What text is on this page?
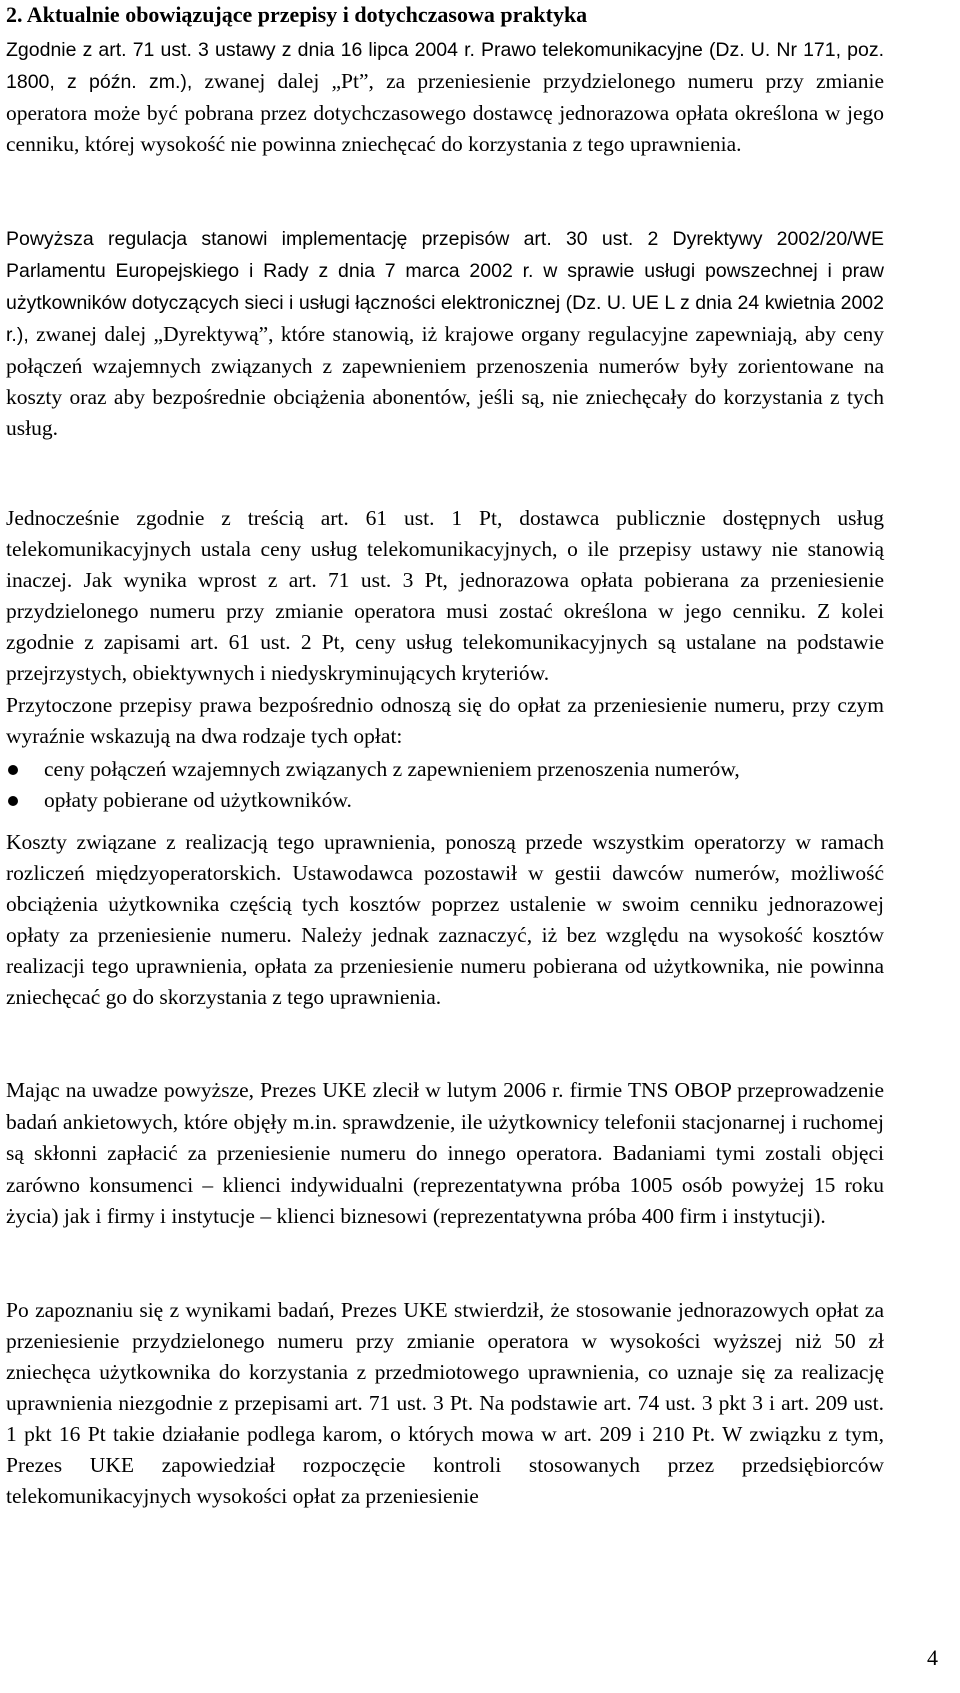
2. Aktualnie obowiązujące przepisy i dotychczasowa praktyka

Zgodnie z art. 71 ust. 3 ustawy z dnia 16 lipca 2004 r. Prawo telekomunikacyjne (Dz. U. Nr 171, poz. 1800, z późn. zm.), zwanej dalej „Pt”, za przeniesienie przydzielonego numeru przy zmianie operatora może być pobrana przez dotychczasowego dostawcę jednorazowa opłata określona w jego cenniku, której wysokość nie powinna zniechęcać do korzystania z tego uprawnienia.

Powyższa regulacja stanowi implementację przepisów art. 30 ust. 2 Dyrektywy 2002/20/WE Parlamentu Europejskiego i Rady z dnia 7 marca 2002 r. w sprawie usługi powszechnej i praw użytkowników dotyczących sieci i usługi łączności elektronicznej (Dz. U. UE L z dnia 24 kwietnia 2002 r.), zwanej dalej „Dyrektywą”, które stanowią, iż krajowe organy regulacyjne zapewniają, aby ceny połączeń wzajemnych związanych z zapewnieniem przenoszenia numerów były zorientowane na koszty oraz aby bezpośrednie obciążenia abonentów, jeśli są, nie zniechęcały do korzystania z tych usług.

Jednocześnie zgodnie z treścią art. 61 ust. 1 Pt, dostawca publicznie dostępnych usług telekomunikacyjnych ustala ceny usług telekomunikacyjnych, o ile przepisy ustawy nie stanowią inaczej. Jak wynika wprost z art. 71 ust. 3 Pt, jednorazowa opłata pobierana za przeniesienie przydzielonego numeru przy zmianie operatora musi zostać określona w jego cenniku. Z kolei zgodnie z zapisami art. 61 ust. 2 Pt, ceny usług telekomunikacyjnych są ustalane na podstawie przejrzystych, obiektywnych i niedyskryminujących kryteriów.

Przytoczone przepisy prawa bezpośrednio odnoszą się do opłat za przeniesienie numeru, przy czym wyraźnie wskazują na dwa rodzaje tych opłat:

ceny połączeń wzajemnych związanych z zapewnieniem przenoszenia numerów,
opłaty pobierane od użytkowników.

Koszty związane z realizacją tego uprawnienia, ponoszą przede wszystkim operatorzy w ramach rozliczeń międzyoperatorskich. Ustawodawca pozostawił w gestii dawców numerów, możliwość obciążenia użytkownika częścią tych kosztów poprzez ustalenie w swoim cenniku jednorazowej opłaty za przeniesienie numeru. Należy jednak zaznaczyć, iż bez względu na wysokość kosztów realizacji tego uprawnienia, opłata za przeniesienie numeru pobierana od użytkownika, nie powinna zniechęcać go do skorzystania z tego uprawnienia.

Mając na uwadze powyższe, Prezes UKE zlecił w lutym 2006 r. firmie TNS OBOP przeprowadzenie badań ankietowych, które objęły m.in. sprawdzenie, ile użytkownicy telefonii stacjonarnej i ruchomej są skłonni zapłacić za przeniesienie numeru do innego operatora. Badaniami tymi zostali objęci zarówno konsumenci – klienci indywidualni (reprezentatywna próba 1005 osób powyżej 15 roku życia) jak i firmy i instytucje – klienci biznesowi (reprezentatywna próba 400 firm i instytucji).

Po zapoznaniu się z wynikami badań, Prezes UKE stwierdził, że stosowanie jednorazowych opłat za przeniesienie przydzielonego numeru przy zmianie operatora w wysokości wyższej niż 50 zł zniechęca użytkownika do korzystania z przedmiotowego uprawnienia, co uznaje się za realizację uprawnienia niezgodnie z przepisami art. 71 ust. 3 Pt. Na podstawie art. 74 ust. 3 pkt 3 i art. 209 ust. 1 pkt 16 Pt takie działanie podlega karom, o których mowa w art. 209 i 210 Pt. W związku z tym, Prezes UKE zapowiedział rozpoczęcie kontroli stosowanych przez przedsiębiorców telekomunikacyjnych wysokości opłat za przeniesienie

4
